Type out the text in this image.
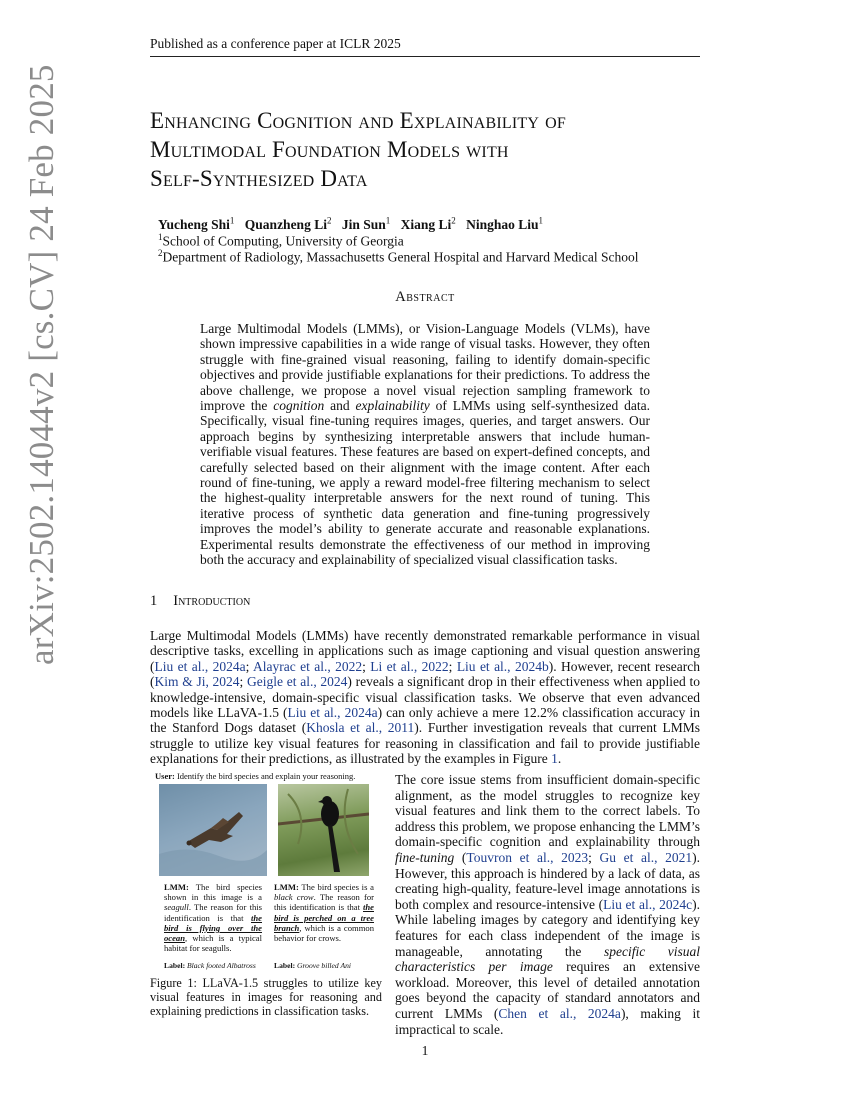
Published as a conference paper at ICLR 2025
arXiv:2502.14044v2 [cs.CV] 24 Feb 2025	Enhancing Cognition and Explainability of
Multimodal Foundation Models with
Self-Synthesized Data
Yucheng Shi$^1$ Quanzheng Li$^2$ Jin Sun$^1$ Xiang Li$^2$ Ninghao Liu$^1$
$^1$School of Computing, University of Georgia
$^2$Department of Radiology, Massachusetts General Hospital and Harvard Medical School
Abstract
Large Multimodal Models (LMMs), or Vision-Language Models (VLMs), have shown impressive capabilities in a wide range of visual tasks. However, they often struggle with fine-grained visual reasoning, failing to identify domain-specific objectives and provide justifiable explanations for their predictions. To address the above challenge, we propose a novel visual rejection sampling framework to improve the cognition and explainability of LMMs using self-synthesized data. Specifically, visual fine-tuning requires images, queries, and target answers. Our approach begins by synthesizing interpretable answers that include human-verifiable visual features. These features are based on expert-defined concepts, and carefully selected based on their alignment with the image content. After each round of fine-tuning, we apply a reward model-free filtering mechanism to select the highest-quality interpretable answers for the next round of tuning. This iterative process of synthetic data generation and fine-tuning progressively improves the model’s ability to generate accurate and reasonable explanations. Experimental results demonstrate the effectiveness of our method in improving both the accuracy and explainability of specialized visual classification tasks.
1 Introduction
Large Multimodal Models (LMMs) have recently demonstrated remarkable performance in visual descriptive tasks, excelling in applications such as image captioning and visual question answering (Liu et al., 2024a; Alayrac et al., 2022; Li et al., 2022; Liu et al., 2024b). However, recent research (Kim & Ji, 2024; Geigle et al., 2024) reveals a significant drop in their effectiveness when applied to knowledge-intensive, domain-specific visual classification tasks. We observe that even advanced models like LLaVA-1.5 (Liu et al., 2024a) can only achieve a mere 12.2% classification accuracy in the Stanford Dogs dataset (Khosla et al., 2011). Further investigation reveals that current LMMs struggle to utilize key visual features for reasoning in classification and fail to provide justifiable explanations for their predictions, as illustrated by the examples in Figure 1.
User: Identify the bird species and explain your reasoning.
LMM: The bird species shown in this image is a seagull. The reason for this identification is that the bird is flying over the ocean, which is a typical habitat for seagulls.
LMM: The bird species is a black crow. The reason for this identification is that the bird is perched on a tree branch, which is a common behavior for crows.
Label: Black footed Albatross Label: Groove billed Ani
Figure 1: LLaVA-1.5 struggles to utilize key visual features in images for reasoning and explaining predictions in classification tasks.
The core issue stems from insufficient domain-specific alignment, as the model struggles to recognize key visual features and link them to the correct labels. To address this problem, we propose enhancing the LMM’s domain-specific cognition and explainability through fine-tuning (Touvron et al., 2023; Gu et al., 2021). However, this approach is hindered by a lack of data, as creating high-quality, feature-level image annotations is both complex and resource-intensive (Liu et al., 2024c). While labeling images by category and identifying key features for each class independent of the image is manageable, annotating the specific visual characteristics per image requires an extensive workload. Moreover, this level of detailed annotation goes beyond the capacity of standard annotators and current LMMs (Chen et al., 2024a), making it impractical to scale.
1
